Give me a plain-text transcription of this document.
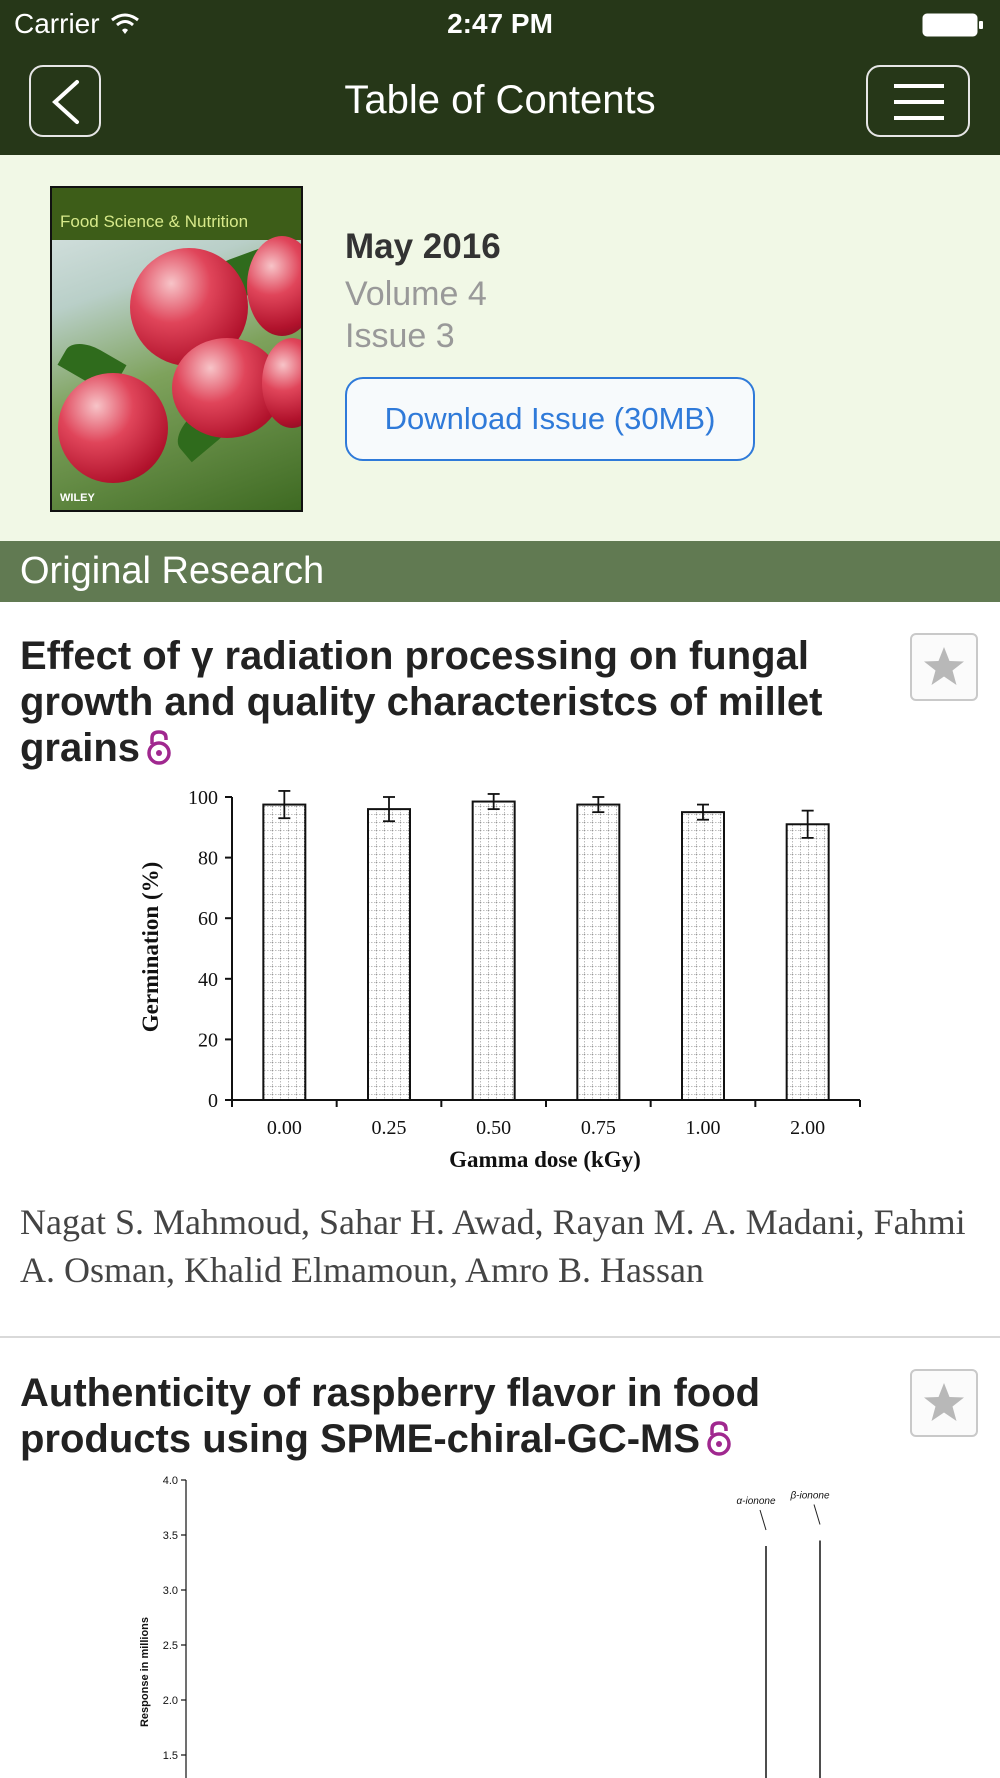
Carrier	2:47 PM
Table of Contents
Food Science & Nutrition
WILEY
May 2016
Volume 4
Issue 3
Download Issue (30MB)
Original Research
Effect of γ radiation processing on fungal growth and quality characteristcs of millet grains
0
20
40
60
80
100
0.00	0.25	0.50	0.75	1.00	2.00
Germination (%)
Gamma dose (kGy)
Nagat S. Mahmoud, Sahar H. Awad, Rayan M. A. Madani, Fahmi A. Osman, Khalid Elmamoun, Amro B. Hassan
Authenticity of raspberry flavor in food products using SPME-chiral-GC-MS
1.5
2.0
2.5
3.0
3.5
4.0
α-ionone β-ionone
Response in millions
